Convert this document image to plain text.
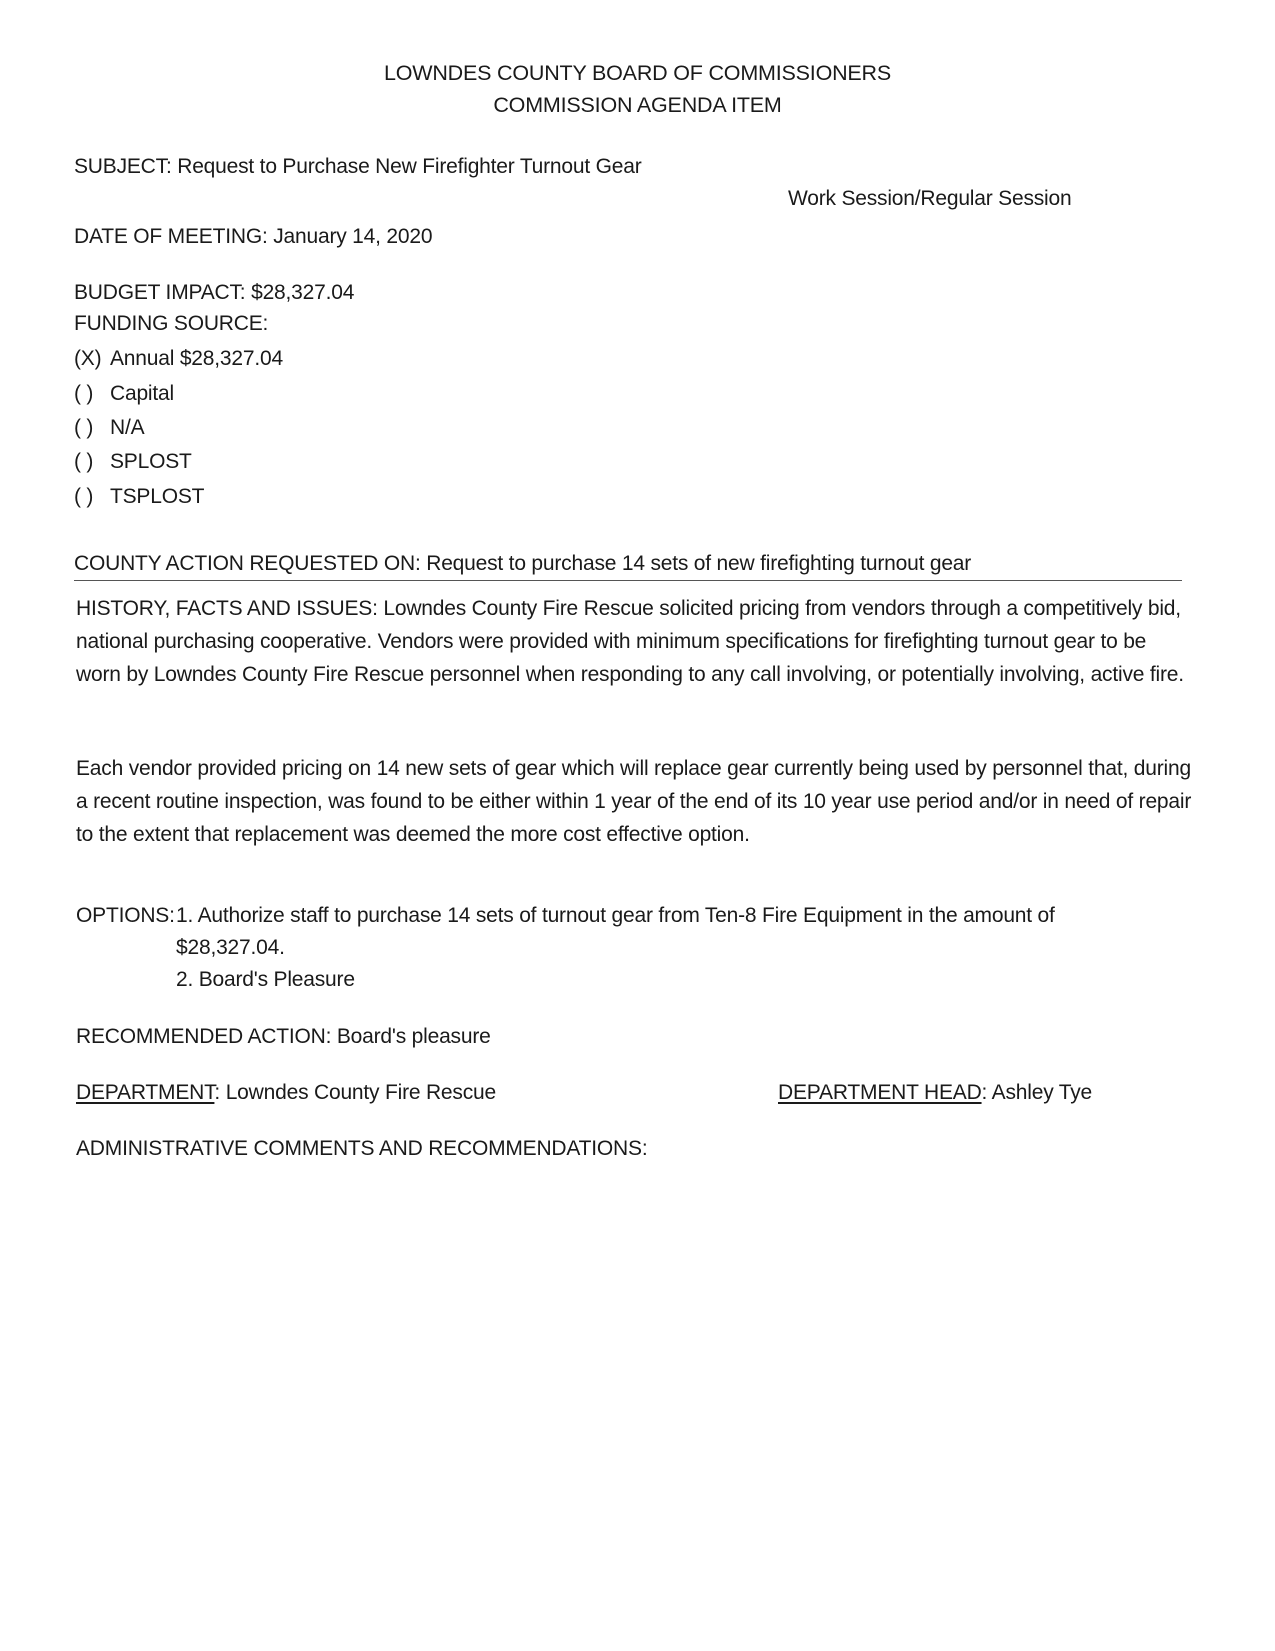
LOWNDES COUNTY BOARD OF COMMISSIONERS
COMMISSION AGENDA ITEM
SUBJECT: Request to Purchase New Firefighter Turnout Gear
Work Session/Regular Session
DATE OF MEETING: January 14, 2020
BUDGET IMPACT: $28,327.04
FUNDING SOURCE:
(X) Annual $28,327.04
( ) Capital
( ) N/A
( ) SPLOST
( ) TSPLOST
COUNTY ACTION REQUESTED ON: Request to purchase 14 sets of new firefighting turnout gear
HISTORY, FACTS AND ISSUES: Lowndes County Fire Rescue solicited pricing from vendors through a competitively bid, national purchasing cooperative. Vendors were provided with minimum specifications for firefighting turnout gear to be worn by Lowndes County Fire Rescue personnel when responding to any call involving, or potentially involving, active fire.
Each vendor provided pricing on 14 new sets of gear which will replace gear currently being used by personnel that, during a recent routine inspection, was found to be either within 1 year of the end of its 10 year use period and/or in need of repair to the extent that replacement was deemed the more cost effective option.
OPTIONS: 1. Authorize staff to purchase 14 sets of turnout gear from Ten-8 Fire Equipment in the amount of
$28,327.04.
2. Board's Pleasure
RECOMMENDED ACTION: Board's pleasure
DEPARTMENT: Lowndes County Fire Rescue	DEPARTMENT HEAD: Ashley Tye
ADMINISTRATIVE COMMENTS AND RECOMMENDATIONS:
